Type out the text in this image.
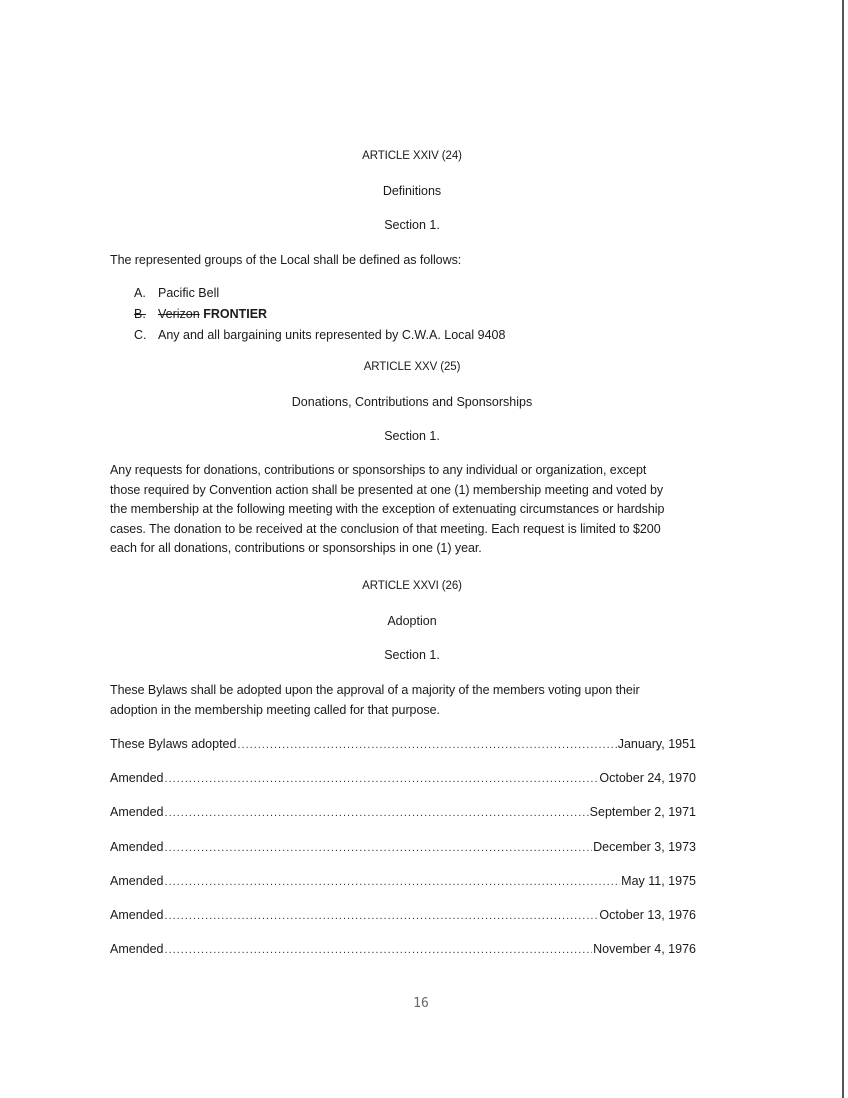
ARTICLE XXIV (24)
Definitions
Section 1.
The represented groups of the Local shall be defined as follows:
A. Pacific Bell
B. Verizon FRONTIER
C. Any and all bargaining units represented by C.W.A. Local 9408
ARTICLE XXV (25)
Donations, Contributions and Sponsorships
Section 1.
Any requests for donations, contributions or sponsorships to any individual or organization, except
those required by Convention action shall be presented at one (1) membership meeting and voted by
the membership at the following meeting with the exception of extenuating circumstances or hardship
cases. The donation to be received at the conclusion of that meeting. Each request is limited to $200
each for all donations, contributions or sponsorships in one (1) year.
ARTICLE XXVI (26)
Adoption
Section 1.
These Bylaws shall be adopted upon the approval of a majority of the members voting upon their
adoption in the membership meeting called for that purpose.
These Bylaws adopted .....	January, 1951
Amended .....	October 24, 1970
Amended .....	September 2, 1971
Amended .....	December 3, 1973
Amended .....	May 11, 1975
Amended .....	October 13, 1976
Amended .....	November 4, 1976
16
